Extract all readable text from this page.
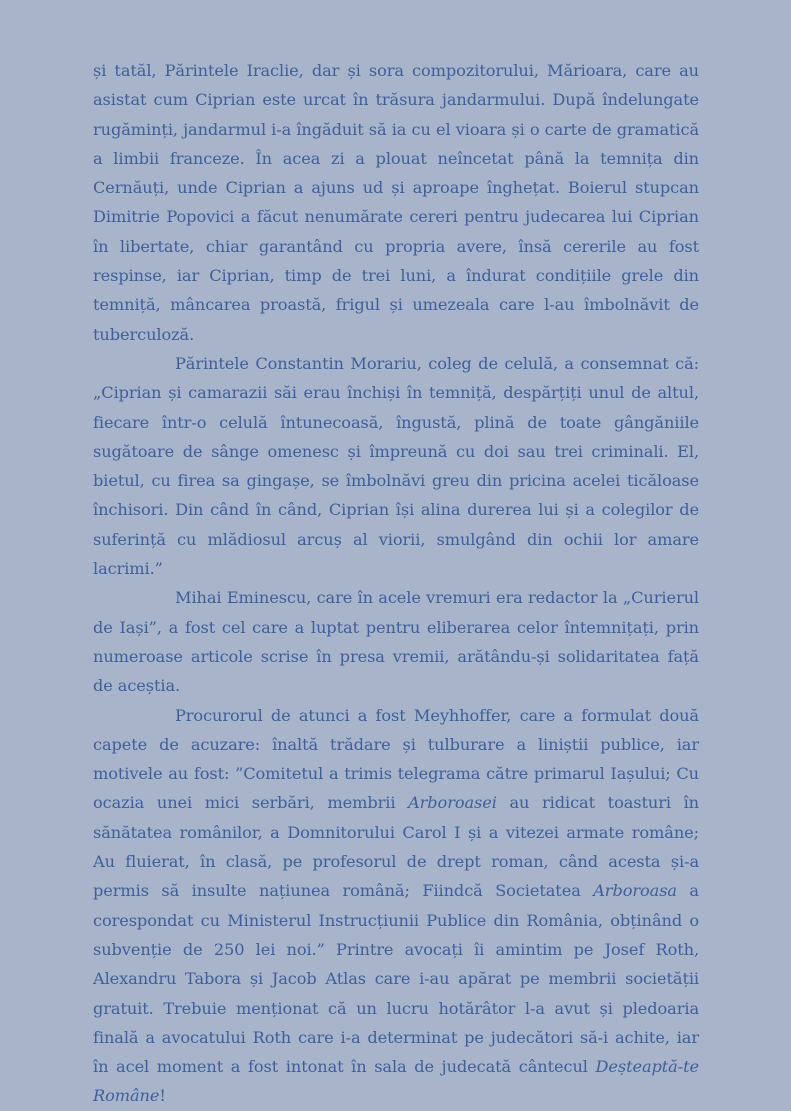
și tatăl, Părintele Iraclie, dar și sora compozitorului, Mărioara, care au asistat cum Ciprian este urcat în trăsura jandarmului. După îndelungate rugăminți, jandarmul i-a îngăduit să ia cu el vioara și o carte de gramatică a limbii franceze. În acea zi a plouat neîncetat până la temnița din Cernăuți, unde Ciprian a ajuns ud și aproape înghețat. Boierul stupcan Dimitrie Popovici a făcut nenumărate cereri pentru judecarea lui Ciprian în libertate, chiar garantând cu propria avere, însă cererile au fost respinse, iar Ciprian, timp de trei luni, a îndurat condițiile grele din temniță, mâncarea proastă, frigul și umezeala care l-au îmbolnăvit de tuberculoză.

Părintele Constantin Morariu, coleg de celulă, a consemnat că: „Ciprian și camarazii săi erau închiși în temniță, despărțiți unul de altul, fiecare într-o celulă întunecoasă, îngustă, plină de toate gângăniile sugătoare de sânge omenesc și împreună cu doi sau trei criminali. El, bietul, cu firea sa gingașe, se îmbolnăvi greu din pricina acelei ticăloase închisori. Din când în când, Ciprian își alina durerea lui și a colegilor de suferință cu mlădiosul arcuș al viorii, smulgând din ochii lor amare lacrimi.”

Mihai Eminescu, care în acele vremuri era redactor la „Curierul de Iași”, a fost cel care a luptat pentru eliberarea celor întemnițați, prin numeroase articole scrise în presa vremii, arătându-și solidaritatea față de aceștia.

Procurorul de atunci a fost Meyhhoffer, care a formulat două capete de acuzare: înaltă trădare și tulburare a liniștii publice, iar motivele au fost: ”Comitetul a trimis telegrama către primarul Iașului; Cu ocazia unei mici serbări, membrii Arboroasei au ridicat toasturi în sănătatea românilor, a Domnitorului Carol I și a vitezei armate române; Au fluierat, în clasă, pe profesorul de drept roman, când acesta și-a permis să insulte națiunea română; Fiindcă Societatea Arboroasa a corespondat cu Ministerul Instrucțiunii Publice din România, obținând o subvenție de 250 lei noi.” Printre avocați îi amintim pe Josef Roth, Alexandru Tabora și Jacob Atlas care i-au apărat pe membrii societății gratuit. Trebuie menționat că un lucru hotărâtor l-a avut și pledoaria finală a avocatului Roth care i-a determinat pe judecători să-i achite, iar în acel moment a fost intonat în sala de judecată cântecul Deșteaptă-te Române!
